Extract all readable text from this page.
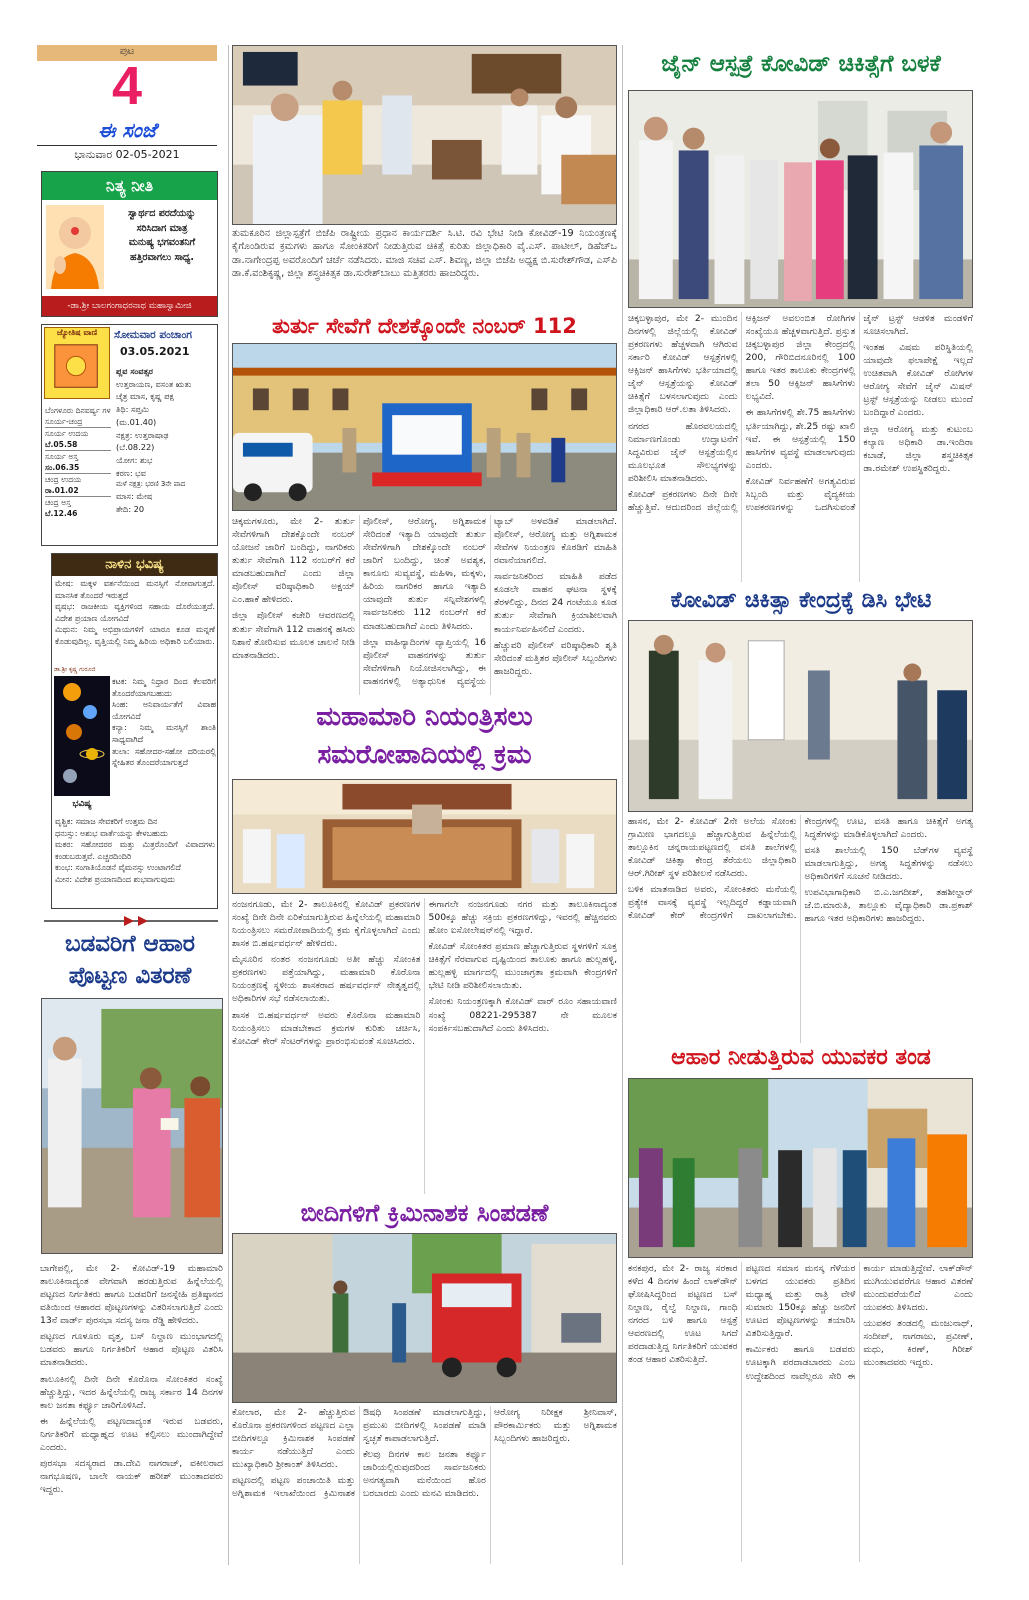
ಪುಟ
4
ಈ ಸಂಜೆ
ಭಾನುವಾರ 02-05-2021
ನಿತ್ಯ ನೀತಿ
ಸ್ವಾರ್ಥದ ಪರದೆಯನ್ನು
ಸರಿಸಿದಾಗ ಮಾತ್ರ
ಮನುಷ್ಯ ಭಗವಂತನಿಗೆ
ಹತ್ತಿರವಾಗಲು ಸಾಧ್ಯ.
-ಡಾ.ಶ್ರೀ ಬಾಲಗಂಗಾಧರನಾಥ ಮಹಾಸ್ವಾಮೀಜಿ
ಜ್ಯೋತಿಷ ವಾಣಿ	ಸೋಮವಾರ ಪಂಚಾಂಗ
03.05.2021
ಬೆಂಗಳೂರು ದಿನವರ್ಷ್ಯ ಗಳ
ಸೂರ್ಯ-ಚಂದ್ರ
ಸೂರ್ಯ ಉದಯ
ಬೆ.05.58
ಸೂರ್ಯ ಅಸ್ತ
ಸಂ.06.35
ಚಂದ್ರ ಉದಯ
ರಾ.01.02
ಚಂದ್ರ ಅಸ್ತ
ಬೆ.12.46
ಪ್ಲವ ಸಂವತ್ಸರ
ಉತ್ತರಾಯಣ, ವಸಂತ ಋತು
ಚೈತ್ರ ಮಾಸ, ಕೃಷ್ಣ ಪಕ್ಷ
ತಿಥಿ: ಸಪ್ತಮಿ
(ಮ.01.40)
ನಕ್ಷತ್ರ: ಉತ್ತರಾಷಾಢ
(ಬೆ.08.22)
ಯೋಗ: ಶುಭ
ಕರಣ: ಭವ
ಮಳೆ ನಕ್ಷತ್ರ: ಭರಣಿ 3ನೇ ಪಾದ
ಮಾಸ: ಮೇಷ
ತೇದಿ: 20
ನಾಳಿನ ಭವಿಷ್ಯ
ಮೇಷ: ಮಕ್ಕಳ ವರ್ತನೆಯಿಂದ ಮನಸ್ಸಿಗೆ ನೋವಾಗುತ್ತದೆ. ಮಾನಸಿಕ ತೊಂದರೆ ಇರುತ್ತದೆ
ವೃಷಭ: ರಾಜಕೀಯ ವ್ಯಕ್ತಿಗಳಿಂದ ಸಹಾಯ ದೊರೆಯುತ್ತದೆ. ವಿದೇಶ ಪ್ರಯಾಣ ಯೋಗವಿದೆ
ಮಿಥುನ: ನಿಮ್ಮ ಅಭಿಪ್ರಾಯಗಳಿಗೆ ಯಾರೂ ಕೂಡ ಮನ್ನಣೆ ಕೊಡುವುದಿಲ್ಲ. ವೃತ್ತಿಯಲ್ಲಿ ನಿಮ್ಮ ಹಿರಿಯ ಅಧಿಕಾರಿ ಬಲಿಯಾರು.
ಡಾ.ಶ್ರೀ ಕೃಷ್ಣ ಗುರೂಜಿ
ಭವಿಷ್ಯ
ಕಟಕ: ನಿಮ್ಮ ನಿಧ್ರಾರ ದಿಂದ ಕೆಲವರಿಗೆ ತೊಂದರೆಯಾಗಬಹುದು
ಸಿಂಹ: ಅನಿವಾರ್ಯತೆಗೆ ವಿವಾಹ ಯೋಗವಿದೆ
ಕನ್ಯಾ: ನಿಮ್ಮ ಮನಸ್ಸಿಗೆ ಶಾಂತಿ ಸಾಧ್ಯವಾಗಿದೆ
ತುಲಾ: ಸಹೋದರ-ಸಹೋ ದರಿಯರಲ್ಲಿ ಸ್ನೇಹಿತರ ತೊಂದರೆಯಾಗುತ್ತದೆ
ವೃಶ್ಚಿಕ: ಸಮಾಜ ಸೇವಕರಿಗೆ ಉತ್ತಮ ದಿನ
ಧನುಸ್ಸು: ಅಶುಭ ವಾರ್ತೆಯನ್ನು ಕೇಳಬಹುದು
ಮಕರ: ಸಹೋದರರ ಮತ್ತು ಮಿತ್ರರೊಂದಿಗೆ ವಿವಾದಗಳು ಕಂಡುಬರುತ್ತವೆ. ಎಚ್ಚರದಿಂದಿರಿ
ಕುಂಭ: ಸಂಗಾತಿಯೊಡನೆ ವೈಮನಸ್ಸು ಉಂಟಾಗಲಿದೆ
ಮೀನ: ವಿದೇಶ ಪ್ರಯಾಣದಿಂದ ಶುಭವಾಗುವುದು
ಬಡವರಿಗೆ ಆಹಾರ
ಪೊಟ್ಟಣ ವಿತರಣೆ

ಬಾಗೇಪಲ್ಲಿ, ಮೇ 2- ಕೋವಿಡ್-19 ಮಹಾಮಾರಿ ತಾಲೂಕಿನಾದ್ಯಂತ ವೇಗವಾಗಿ ಹರಡುತ್ತಿರುವ ಹಿನ್ನೆಲೆಯಲ್ಲಿ ಪಟ್ಟಣದ ನಿರ್ಗತಿಕರು ಹಾಗೂ ಬಡವರಿಗೆ ಜನಸ್ನೇಹಿ ಪ್ರತಿಷ್ಠಾನದ ವತಿಯಿಂದ ಆಹಾರದ ಪೊಟ್ಟಣಗಳನ್ನು ವಿತರಿಸಲಾಗುತ್ತಿದೆ ಎಂದು 13ನೆ ವಾರ್ಡ್ ಪುರಸಭಾ ಸದಸ್ಯ ಜನಾ ರೆಡ್ಡಿ ಹೇಳಿದರು.

ಪಟ್ಟಣದ ಗೂಳೂರು ವೃತ್ತ, ಬಸ್ ನಿಲ್ದಾಣ ಮುಂಭಾಗದಲ್ಲಿ ಬಡವರು ಹಾಗೂ ನಿರ್ಗತಿಕರಿಗೆ ಆಹಾರ ಪೊಟ್ಟಣ ವಿತರಿಸಿ ಮಾತನಾಡಿದರು.

ತಾಲೂಕಿನಲ್ಲಿ ದಿನೇ ದಿನೇ ಕೊರೊನಾ ಸೋಂಕಿತರ ಸಂಖ್ಯೆ ಹೆಚ್ಚುತ್ತಿದ್ದು, ಇದರ ಹಿನ್ನೆಲೆಯಲ್ಲಿ ರಾಜ್ಯ ಸರ್ಕಾರ 14 ದಿನಗಳ ಕಾಲ ಜನತಾ ಕರ್ಫ್ಯೂ ಜಾರಿಗೊಳಿಸಿದೆ.

ಈ ಹಿನ್ನೆಲೆಯಲ್ಲಿ ಪಟ್ಟಣದಾದ್ಯಂತ ಇರುವ ಬಡವರು, ನಿರ್ಗತಿಕರಿಗೆ ಮಧ್ಯಾಹ್ನದ ಊಟ ಕಲ್ಪಿಸಲು ಮುಂದಾಗಿದ್ದೇವೆ ಎಂದರು.

ಪುರಸಭಾ ಸದಸ್ಯರಾದ ಡಾ.ದೇವಿ ನಾಗರಾಜ್, ವಕೀಲರಾದ ನಾಗಭೂಷಣ, ಬಾಲೇ ನಾಯಕ್ ಹರೀಶ್ ಮುಂತಾದವರು ಇದ್ದರು.

ತುಮಕೂರಿನ ಜಿಲ್ಲಾಸ್ಪತ್ರೆಗೆ ಬಿಜೆಪಿ ರಾಷ್ಟ್ರೀಯ ಪ್ರಧಾನ ಕಾರ್ಯದರ್ಶಿ ಸಿ.ಟಿ. ರವಿ ಭೇಟಿ ನೀಡಿ ಕೋವಿಡ್-19 ನಿಯಂತ್ರಣಕ್ಕೆ ಕೈಗೊಂಡಿರುವ ಕ್ರಮಗಳು ಹಾಗೂ ಸೋಂಕಿತರಿಗೆ ನೀಡುತ್ತಿರುವ ಚಿಕಿತ್ಸೆ ಕುರಿತು ಜಿಲ್ಲಾಧಿಕಾರಿ ವೈ.ಎಸ್. ಪಾಟೀಲ್, ಡಿಹೆಚ್‌ಒ ಡಾ.ನಾಗೇಂದ್ರಪ್ಪ ಅವರೊಂದಿಗೆ ಚರ್ಚೆ ನಡೆಸಿದರು. ಮಾಜಿ ಸಚಿವ ಎಸ್. ಶಿವಣ್ಣ, ಜಿಲ್ಲಾ ಬಿಜೆಪಿ ಅಧ್ಯಕ್ಷ ಬಿ.ಸುರೇಶ್‌ಗೌಡ, ಎಸ್‌ಪಿ ಡಾ.ಕೆ.ವಂಶಿಕೃಷ್ಣ, ಜಿಲ್ಲಾ ಶಸ್ತ್ರಚಿಕಿತ್ಸಕ ಡಾ.ಸುರೇಶ್‌ಬಾಬು ಮತ್ತಿತರರು ಹಾಜರಿದ್ದರು.
ತುರ್ತು ಸೇವೆಗೆ ದೇಶಕ್ಕೊಂದೇ ನಂಬರ್ 112

ಚಿಕ್ಕಮಗಳೂರು, ಮೇ 2- ತುರ್ತು ಸೇವೆಗಳಿಗಾಗಿ ದೇಶಕ್ಕೊಂದೇ ನಂಬರ್ ಯೋಜನೆ ಜಾರಿಗೆ ಬಂದಿದ್ದು, ನಾಗರಿಕರು ತುರ್ತು ಸೇವೆಗಾಗಿ 112 ನಂಬರ್‌ಗೆ ಕರೆ ಮಾಡಬಹುದಾಗಿದೆ ಎಂದು ಜಿಲ್ಲಾ ಪೊಲೀಸ್ ವರಿಷ್ಠಾಧಿಕಾರಿ ಅಕ್ಷಯ್ ಎಂ.ಹಾಕೆ ಹೇಳಿದರು.

ಜಿಲ್ಲಾ ಪೊಲೀಸ್ ಕಚೇರಿ ಆವರಣದಲ್ಲಿ ತುರ್ತು ಸೇವೆಗಾಗಿ 112 ವಾಹನಕ್ಕೆ ಹಸಿರು ನಿಶಾನೆ ತೋರಿಸುವ ಮೂಲಕ ಚಾಲನೆ ನೀಡಿ ಮಾತನಾಡಿದರು.

ಪೊಲೀಸ್, ಆರೋಗ್ಯ, ಅಗ್ನಿಶಾಮಕ ಸೇರಿದಂತೆ ಇತ್ಯಾದಿ ಯಾವುದೇ ತುರ್ತು ಸೇವೆಗಳಿಗಾಗಿ ದೇಶಕ್ಕೊಂದೇ ನಂಬರ್ ಜಾರಿಗೆ ಬಂದಿದ್ದು, ಚಿಂತೆ ಅವಶ್ಯಕ, ಕಾನೂನು ಸುವ್ಯವಸ್ಥೆ, ಮಹಿಳಾ, ಮಕ್ಕಳು, ಹಿರಿಯ ನಾಗರಿಕರ ಹಾಗೂ ಇತ್ಯಾದಿ ಯಾವುದೇ ತುರ್ತು ಸನ್ನಿವೇಶಗಳಲ್ಲಿ ಸಾರ್ವಜನಿಕರು 112 ನಂಬರ್‌ಗೆ ಕರೆ ಮಾಡಬಹುದಾಗಿದೆ ಎಂದು ತಿಳಿಸಿದರು.

ಜಿಲ್ಲಾ ವಾಹಿನ್ಯಾದಿಂಗಳ ವ್ಯಾಪ್ತಿಯಲ್ಲಿ 16 ಪೊಲೀಸ್ ವಾಹನಗಳನ್ನು ತುರ್ತು ಸೇವೆಗಳಿಗಾಗಿ ನಿಯೋಜಿಸಲಾಗಿದ್ದು, ಈ ವಾಹನಗಳಲ್ಲಿ ಅತ್ಯಾಧುನಿಕ ವ್ಯವಸ್ಥೆಯ ಟ್ಯಾಬ್ ಅಳವಡಿಕೆ ಮಾಡಲಾಗಿದೆ. ಪೊಲೀಸ್, ಆರೋಗ್ಯ ಮತ್ತು ಅಗ್ನಿಶಾಮಕ ಸೇವೆಗಳ ನಿಯಂತ್ರಣ ಕೊಠಡಿಗೆ ಮಾಹಿತಿ ರವಾನೆಯಾಗಲಿದೆ.

ಸಾರ್ವಜನಿಕರಿಂದ ಮಾಹಿತಿ ಪಡೆದ ಕೂಡಲೇ ವಾಹನ ಘಟನಾ ಸ್ಥಳಕ್ಕೆ ತೆರಳಲಿದ್ದು, ದಿನದ 24 ಗಂಟೆಯೂ ಕೂಡ ತುರ್ತು ಸೇವೆಗಾಗಿ ಕ್ರಿಯಾಶೀಲವಾಗಿ ಕಾರ್ಯನಿರ್ವಹಿಸಲಿದೆ ಎಂದರು.

ಹೆಚ್ಚುವರಿ ಪೊಲೀಸ್ ವರಿಷ್ಠಾಧಿಕಾರಿ ಶೃತಿ ಸೇರಿದಂತೆ ಮತ್ತಿತರ ಪೊಲೀಸ್ ಸಿಬ್ಬಂದಿಗಳು ಹಾಜರಿದ್ದರು.

ಮಹಾಮಾರಿ ನಿಯಂತ್ರಿಸಲು
ಸಮರೋಪಾದಿಯಲ್ಲಿ ಕ್ರಮ

ನಂಜನಗೂಡು, ಮೇ 2- ತಾಲೂಕಿನಲ್ಲಿ ಕೋವಿಡ್ ಪ್ರಕರಣಗಳ ಸಂಖ್ಯೆ ದಿನೇ ದಿನೇ ಏರಿಕೆಯಾಗುತ್ತಿರುವ ಹಿನ್ನೆಲೆಯಲ್ಲಿ ಮಹಾಮಾರಿ ನಿಯಂತ್ರಿಸಲು ಸಮರೋಪಾದಿಯಲ್ಲಿ ಕ್ರಮ ಕೈಗೊಳ್ಳಲಾಗಿದೆ ಎಂದು ಶಾಸಕ ಬಿ.ಹರ್ಷವರ್ಧನ್ ಹೇಳಿದರು.

ಮೈಸೂರಿನ ನಂತರ ನಂಜನಗೂಡು ಅತೀ ಹೆಚ್ಚು ಸೋಂಕಿತ ಪ್ರಕರಣಗಳು ಪತ್ತೆಯಾಗಿದ್ದು, ಮಹಾಮಾರಿ ಕೊರೊನಾ ನಿಯಂತ್ರಣಕ್ಕೆ ಸ್ಥಳೀಯ ಶಾಸಕರಾದ ಹರ್ಷವರ್ಧನ್ ನೇತೃತ್ವದಲ್ಲಿ ಅಧಿಕಾರಿಗಳ ಸಭೆ ನಡೆಸಲಾಯಿತು.

ಶಾಸಕ ಬಿ.ಹರ್ಷವರ್ಧನ್ ಅವರು ಕೊರೊನಾ ಮಹಾಮಾರಿ ನಿಯಂತ್ರಿಸಲು ಮಾಡಬೇಕಾದ ಕ್ರಮಗಳ ಕುರಿತು ಚರ್ಚಿಸಿ, ಕೋವಿಡ್ ಕೇರ್ ಸೆಂಟರ್‌ಗಳನ್ನು ಪ್ರಾರಂಭಿಸುವಂತೆ ಸೂಚಿಸಿದರು.

ಈಗಾಗಲೇ ನಂಜನಗೂಡು ನಗರ ಮತ್ತು ತಾಲೂಕಿನಾದ್ಯಂತ 500ಕ್ಕೂ ಹೆಚ್ಚು ಸಕ್ರಿಯ ಪ್ರಕರಣಗಳಿದ್ದು, ಇವರಲ್ಲಿ ಹೆಚ್ಚಿನವರು ಹೋಂ ಐಸೋಲೇಷನ್‌ನಲ್ಲಿ ಇದ್ದಾರೆ.

ಕೋವಿಡ್ ಸೋಂಕಿತರ ಪ್ರಮಾಣ ಹೆಚ್ಚಾಗುತ್ತಿರುವ ಸ್ಥಳಗಳಿಗೆ ಸೂಕ್ತ ಚಿಕಿತ್ಸೆಗೆ ನೆರವಾಗುವ ದೃಷ್ಟಿಯಿಂದ ತಾಲೂಕು ಹಾಗೂ ಹುಲ್ಲಹಳ್ಳಿ, ಹುಲ್ಲಹಳ್ಳಿ ಮಾರ್ಗದಲ್ಲಿ ಮುಂಜಾಗ್ರತಾ ಕ್ರಮವಾಗಿ ಕೇಂದ್ರಗಳಿಗೆ ಭೇಟಿ ನೀಡಿ ಪರಿಶೀಲಿಸಲಾಯಿತು.

ಸೋಂಕು ನಿಯಂತ್ರಣಕ್ಕಾಗಿ ಕೋವಿಡ್ ವಾರ್ ರೂಂ ಸಹಾಯವಾಣಿ ಸಂಖ್ಯೆ 08221-295387 ನೇ ಮೂಲಕ ಸಂಪರ್ಕಿಸಬಹುದಾಗಿದೆ ಎಂದು ತಿಳಿಸಿದರು.

ಬೀದಿಗಳಿಗೆ ಕ್ರಿಮಿನಾಶಕ ಸಿಂಪಡಣೆ

ಕೋಲಾರ, ಮೇ 2- ಹೆಚ್ಚುತ್ತಿರುವ ಕೊರೊನಾ ಪ್ರಕರಣಗಳಿಂದ ಪಟ್ಟಣದ ಎಲ್ಲಾ ಬೀದಿಗಳಲ್ಲೂ ಕ್ರಿಮಿನಾಶಕ ಸಿಂಪಡಣೆ ಕಾರ್ಯ ನಡೆಯುತ್ತಿದೆ ಎಂದು ಮುಖ್ಯಾಧಿಕಾರಿ ಶ್ರೀಕಾಂತ್ ತಿಳಿಸಿದರು.

ಪಟ್ಟಣದಲ್ಲಿ ಪಟ್ಟಣ ಪಂಚಾಯಿತಿ ಮತ್ತು ಅಗ್ನಿಶಾಮಕ ಇಲಾಖೆಯಿಂದ ಕ್ರಿಮಿನಾಶಕ ಔಷಧಿ ಸಿಂಪಡಣೆ ಮಾಡಲಾಗುತ್ತಿದ್ದು, ಪ್ರಮುಖ ಬೀದಿಗಳಲ್ಲಿ ಸಿಂಪಡಣೆ ಮಾಡಿ ಸ್ವಚ್ಛತೆ ಕಾಪಾಡಲಾಗುತ್ತಿದೆ.

ಕೆಲವು ದಿನಗಳ ಕಾಲ ಜನತಾ ಕರ್ಫ್ಯೂ ಜಾರಿಯಲ್ಲಿರುವುದರಿಂದ ಸಾರ್ವಜನಿಕರು ಅನಗತ್ಯವಾಗಿ ಮನೆಯಿಂದ ಹೊರ ಬರಬಾರದು ಎಂದು ಮನವಿ ಮಾಡಿದರು.

ಆರೋಗ್ಯ ನಿರೀಕ್ಷಕ ಶ್ರೀನಿವಾಸ್, ಪೌರಕಾರ್ಮಿಕರು ಮತ್ತು ಅಗ್ನಿಶಾಮಕ ಸಿಬ್ಬಂದಿಗಳು ಹಾಜರಿದ್ದರು.

ಜೈನ್ ಆಸ್ಪತ್ರೆ ಕೋವಿಡ್ ಚಿಕಿತ್ಸೆಗೆ ಬಳಕೆ

ಚಿಕ್ಕಬಳ್ಳಾಪುರ, ಮೇ 2- ಮುಂದಿನ ದಿನಗಳಲ್ಲಿ ಜಿಲ್ಲೆಯಲ್ಲಿ ಕೋವಿಡ್ ಪ್ರಕರಣಗಳು ಹೆಚ್ಚಳವಾಗಿ ಆಗಿರುವ ಸರ್ಕಾರಿ ಕೋವಿಡ್ ಆಸ್ಪತ್ರೆಗಳಲ್ಲಿ ಆಕ್ಸಿಜನ್ ಹಾಸಿಗೆಗಳು ಭರ್ತಿಯಾದಲ್ಲಿ ಜೈನ್ ಆಸ್ಪತ್ರೆಯನ್ನು ಕೋವಿಡ್ ಚಿಕಿತ್ಸೆಗೆ ಬಳಸಲಾಗುವುದು ಎಂದು ಜಿಲ್ಲಾಧಿಕಾರಿ ಆರ್.ಲತಾ ತಿಳಿಸಿದರು.

ನಗರದ ಹೊರವಲಯದಲ್ಲಿ ನಿರ್ಮಾಣಗೊಂಡು ಉದ್ಘಾಟನೆಗೆ ಸಿದ್ಧವಿರುವ ಜೈನ್ ಆಸ್ಪತ್ರೆಯಲ್ಲಿನ ಮೂಲಭೂತ ಸೌಲಭ್ಯಗಳನ್ನು ಪರಿಶೀಲಿಸಿ ಮಾತನಾಡಿದರು.

ಕೋವಿಡ್ ಪ್ರಕರಣಗಳು ದಿನೇ ದಿನೇ ಹೆಚ್ಚುತ್ತಿವೆ. ಆದುದರಿಂದ ಜಿಲ್ಲೆಯಲ್ಲಿ ಆಕ್ಸಿಜನ್ ಅವಲಂಬಿತ ರೋಗಿಗಳ ಸಂಖ್ಯೆಯೂ ಹೆಚ್ಚಳವಾಗುತ್ತಿದೆ. ಪ್ರಸ್ತುತ ಚಿಕ್ಕಬಳ್ಳಾಪುರ ಜಿಲ್ಲಾ ಕೇಂದ್ರದಲ್ಲಿ 200, ಗೌರಿಬಿದನೂರಿನಲ್ಲಿ 100 ಹಾಗೂ ಇತರ ತಾಲೂಕು ಕೇಂದ್ರಗಳಲ್ಲಿ ತಲಾ 50 ಆಕ್ಸಿಜನ್ ಹಾಸಿಗೆಗಳು ಲಭ್ಯವಿದೆ.

ಈ ಹಾಸಿಗೆಗಳಲ್ಲಿ ಶೇ.75 ಹಾಸಿಗೆಗಳು ಭರ್ತಿಯಾಗಿದ್ದು, ಶೇ.25 ರಷ್ಟು ಖಾಲಿ ಇವೆ. ಈ ಆಸ್ಪತ್ರೆಯಲ್ಲಿ 150 ಹಾಸಿಗೆಗಳ ವ್ಯವಸ್ಥೆ ಮಾಡಲಾಗುವುದು ಎಂದರು.

ಕೋವಿಡ್ ನಿರ್ವಹಣೆಗೆ ಅಗತ್ಯವಿರುವ ಸಿಬ್ಬಂದಿ ಮತ್ತು ವೈದ್ಯಕೀಯ ಉಪಕರಣಗಳನ್ನು ಒದಗಿಸುವಂತೆ ಜೈನ್ ಟ್ರಸ್ಟ್ ಆಡಳಿತ ಮಂಡಳಿಗೆ ಸೂಚಿಸಲಾಗಿದೆ.

ಇಂತಹ ವಿಷಮ ಪರಿಸ್ಥಿತಿಯಲ್ಲಿ ಯಾವುದೇ ಫಲಾಪೇಕ್ಷೆ ಇಲ್ಲದೆ ಉಚಿತವಾಗಿ ಕೋವಿಡ್ ರೋಗಿಗಳ ಆರೋಗ್ಯ ಸೇವೆಗೆ ಜೈನ್ ಮಿಷನ್ ಟ್ರಸ್ಟ್ ಆಸ್ಪತ್ರೆಯನ್ನು ನೀಡಲು ಮುಂದೆ ಬಂದಿದ್ದಾರೆ ಎಂದರು.

ಜಿಲ್ಲಾ ಆರೋಗ್ಯ ಮತ್ತು ಕುಟುಂಬ ಕಲ್ಯಾಣ ಅಧಿಕಾರಿ ಡಾ.ಇಂದಿರಾ ಕಬಾಡೆ, ಜಿಲ್ಲಾ ಶಸ್ತ್ರಚಿಕಿತ್ಸಕ ಡಾ.ರಮೇಶ್ ಉಪಸ್ಥಿತರಿದ್ದರು.

ಕೋವಿಡ್ ಚಿಕಿತ್ಸಾ ಕೇಂದ್ರಕ್ಕೆ ಡಿಸಿ ಭೇಟಿ

ಹಾಸನ, ಮೇ 2- ಕೋವಿಡ್ 2ನೇ ಅಲೆಯ ಸೋಂಕು ಗ್ರಾಮೀಣ ಭಾಗದಲ್ಲೂ ಹೆಚ್ಚಾಗುತ್ತಿರುವ ಹಿನ್ನೆಲೆಯಲ್ಲಿ ತಾಲ್ಲೂಕಿನ ಚನ್ನರಾಯಪಟ್ಟಣದಲ್ಲಿ ವಸತಿ ಶಾಲೆಗಳಲ್ಲಿ ಕೋವಿಡ್ ಚಿಕಿತ್ಸಾ ಕೇಂದ್ರ ತೆರೆಯಲು ಜಿಲ್ಲಾಧಿಕಾರಿ ಆರ್.ಗಿರೀಶ್ ಸ್ಥಳ ಪರಿಶೀಲನೆ ನಡೆಸಿದರು.

ಬಳಿಕ ಮಾತನಾಡಿದ ಅವರು, ಸೋಂಕಿತರು ಮನೆಯಲ್ಲಿ ಪ್ರತ್ಯೇಕ ವಾಸಕ್ಕೆ ವ್ಯವಸ್ಥೆ ಇಲ್ಲದಿದ್ದರೆ ಕಡ್ಡಾಯವಾಗಿ ಕೋವಿಡ್ ಕೇರ್ ಕೇಂದ್ರಗಳಿಗೆ ದಾಖಲಾಗಬೇಕು. ಕೇಂದ್ರಗಳಲ್ಲಿ ಊಟ, ವಸತಿ ಹಾಗೂ ಚಿಕಿತ್ಸೆಗೆ ಅಗತ್ಯ ಸಿದ್ಧತೆಗಳನ್ನು ಮಾಡಿಕೊಳ್ಳಲಾಗಿದೆ ಎಂದರು.

ವಸತಿ ಶಾಲೆಯಲ್ಲಿ 150 ಬೆಡ್‌ಗಳ ವ್ಯವಸ್ಥೆ ಮಾಡಲಾಗುತ್ತಿದ್ದು, ಅಗತ್ಯ ಸಿದ್ಧತೆಗಳನ್ನು ನಡೆಸಲು ಅಧಿಕಾರಿಗಳಿಗೆ ಸೂಚನೆ ನೀಡಿದರು.

ಉಪವಿಭಾಗಾಧಿಕಾರಿ ಬಿ.ಎ.ಜಗದೀಶ್, ತಹಶೀಲ್ದಾರ್ ಜೆ.ಬಿ.ಮಾರುತಿ, ತಾಲ್ಲೂಕು ವೈದ್ಯಾಧಿಕಾರಿ ಡಾ.ಪ್ರಕಾಶ್ ಹಾಗೂ ಇತರ ಅಧಿಕಾರಿಗಳು ಹಾಜರಿದ್ದರು.

ಆಹಾರ ನೀಡುತ್ತಿರುವ ಯುವಕರ ತಂಡ

ಕನಕಪುರ, ಮೇ 2- ರಾಜ್ಯ ಸರಕಾರ ಕಳೆದ 4 ದಿನಗಳ ಹಿಂದೆ ಲಾಕ್‌ಡೌನ್ ಘೋಷಿಸಿದ್ದರಿಂದ ಪಟ್ಟಣದ ಬಸ್ ನಿಲ್ದಾಣ, ರೈಲ್ವೆ ನಿಲ್ದಾಣ, ಗಾಂಧಿ ನಗರದ ಬಳಿ ಹಾಗೂ ಆಸ್ಪತ್ರೆ ಆವರಣದಲ್ಲಿ ಊಟ ಸಿಗದೆ ಪರದಾಡುತ್ತಿದ್ದ ನಿರ್ಗತಿಕರಿಗೆ ಯುವಕರ ತಂಡ ಆಹಾರ ವಿತರಿಸುತ್ತಿದೆ.

ಪಟ್ಟಣದ ಸಮಾನ ಮನಸ್ಕ ಗೆಳೆಯರ ಬಳಗದ ಯುವಕರು ಪ್ರತಿದಿನ ಮಧ್ಯಾಹ್ನ ಮತ್ತು ರಾತ್ರಿ ವೇಳೆ ಸುಮಾರು 150ಕ್ಕೂ ಹೆಚ್ಚು ಜನರಿಗೆ ಊಟದ ಪೊಟ್ಟಣಗಳನ್ನು ತಯಾರಿಸಿ ವಿತರಿಸುತ್ತಿದ್ದಾರೆ.

ಕಾರ್ಮಿಕರು ಹಾಗೂ ಬಡವರು ಊಟಕ್ಕಾಗಿ ಪರದಾಡಬಾರದು ಎಂಬ ಉದ್ದೇಶದಿಂದ ನಾವೆಲ್ಲರೂ ಸೇರಿ ಈ ಕಾರ್ಯ ಮಾಡುತ್ತಿದ್ದೇವೆ. ಲಾಕ್‌ಡೌನ್ ಮುಗಿಯುವವರೆಗೂ ಆಹಾರ ವಿತರಣೆ ಮುಂದುವರೆಯಲಿದೆ ಎಂದು ಯುವಕರು ತಿಳಿಸಿದರು.

ಯುವಕರ ತಂಡದಲ್ಲಿ ಮಂಜುನಾಥ್, ಸಂದೀಪ್, ನಾಗರಾಜು, ಪ್ರವೀಣ್, ಮಧು, ಕಿರಣ್, ಗಿರೀಶ್ ಮುಂತಾದವರು ಇದ್ದರು.
